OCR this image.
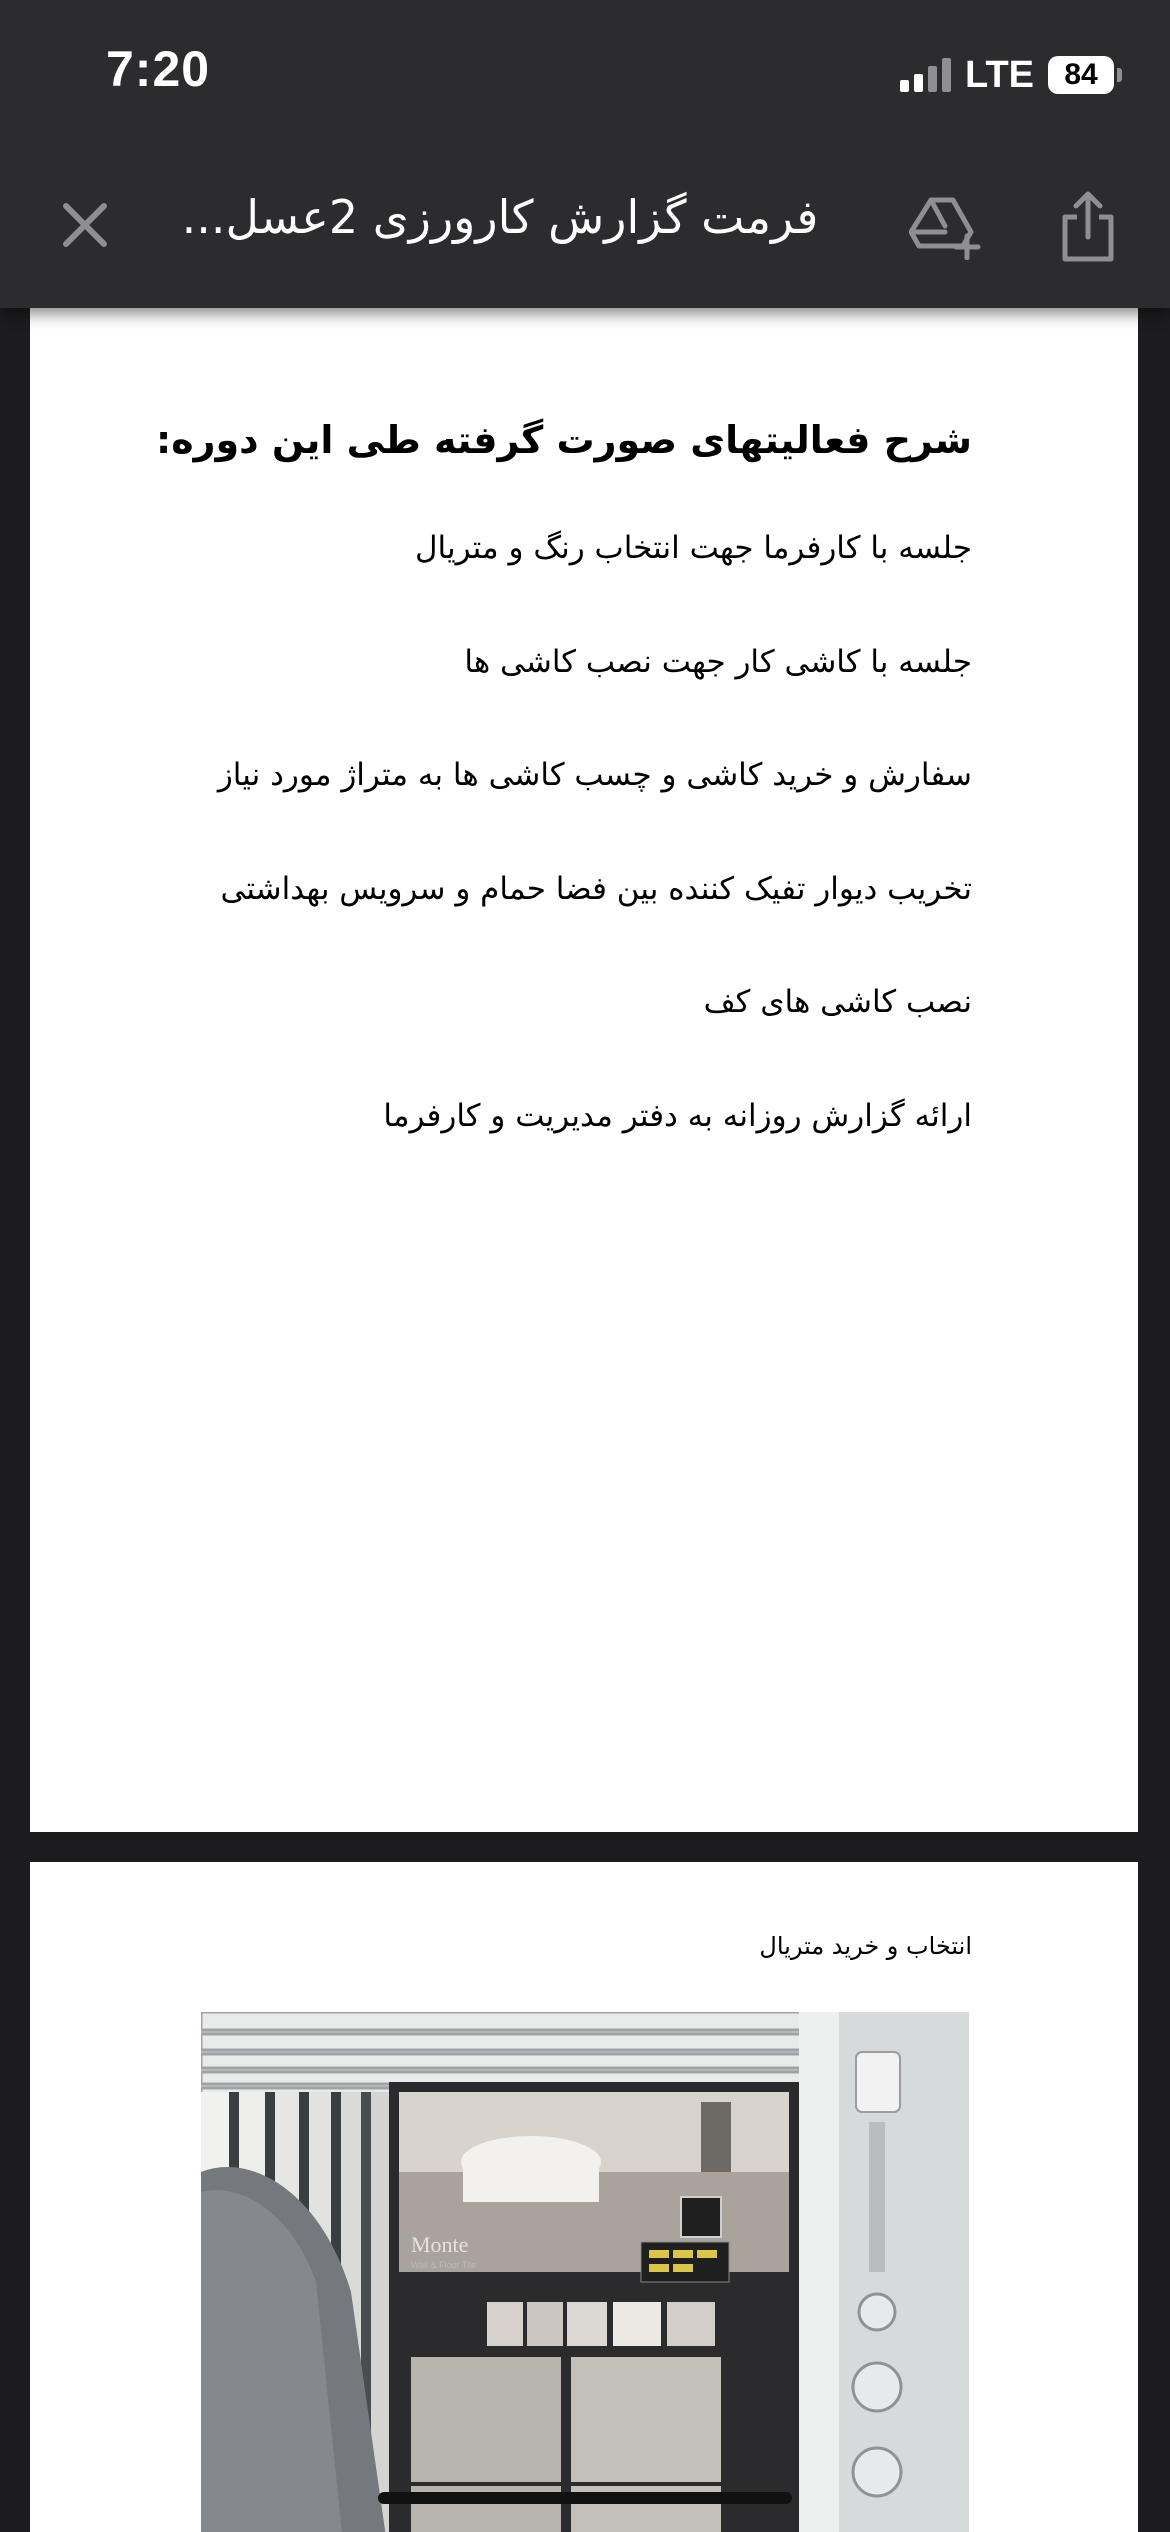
شرح فعالیتهای صورت گرفته طی این دوره:
جلسه با کارفرما جهت انتخاب رنگ و متریال
جلسه با کاشی کار جهت نصب کاشی ها
سفارش و خرید کاشی و چسب کاشی ها به متراژ مورد نیاز
تخریب دیوار تفیک کننده بین فضا حمام و سرویس بهداشتی
نصب کاشی های کف
ارائه گزارش روزانه به دفتر مدیریت و کارفرما
انتخاب و خرید متریال
Monte
Wall & Floor Tile
7:20	LTE	84
فرمت گزارش کارورزی 2عسل...
